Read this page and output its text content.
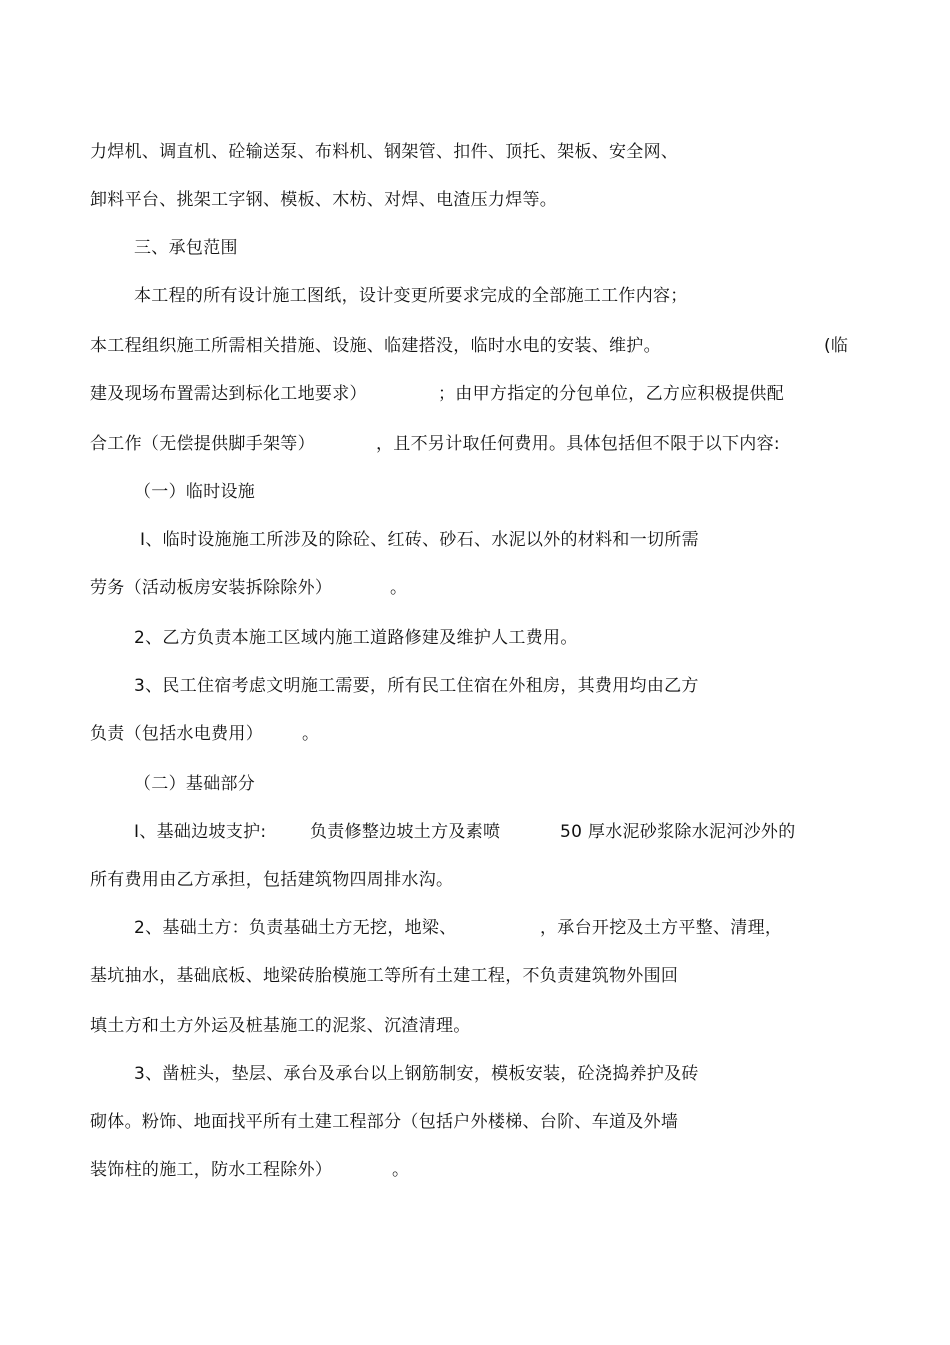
力焊机、调直机、砼输送泵、布料机、钢架管、扣件、顶托、架板、安全网、
卸料平台、挑架工字钢、模板、木枋、对焊、电渣压力焊等。
三、承包范围
本工程的所有设计施工图纸，设计变更所要求完成的全部施工工作内容；
本工程组织施工所需相关措施、设施、临建搭没，临时水电的安装、维护。	(临
建及现场布置需达到标化工地要求）	；由甲方指定的分包单位，乙方应积极提供配
合工作（无偿提供脚手架等）	，且不另计取任何费用。具体包括但不限于以下内容:
（一）临时设施
I、临时设施施工所涉及的除砼、红砖、砂石、水泥以外的材料和一切所需
劳务（活动板房安装拆除除外）	。
2、乙方负责本施工区域内施工道路修建及维护人工费用。
3、民工住宿考虑文明施工需要，所有民工住宿在外租房，其费用均由乙方
负责（包括水电费用） 。
（二）基础部分
I、基础边坡支护:	负责修整边坡土方及素喷	50 厚水泥砂浆除水泥河沙外的
所有费用由乙方承担，包括建筑物四周排水沟。
2、基础土方：负责基础土方无挖，地梁、	，承台开挖及土方平整、清理，
基坑抽水，基础底板、地梁砖胎模施工等所有土建工程，不负责建筑物外围回
填土方和土方外运及桩基施工的泥浆、沉渣清理。
3、凿桩头，垫层、承台及承台以上钢筋制安，模板安装，砼浇捣养护及砖
砌体。粉饰、地面找平所有土建工程部分（包括户外楼梯、台阶、车道及外墙
装饰柱的施工，防水工程除外）	。
